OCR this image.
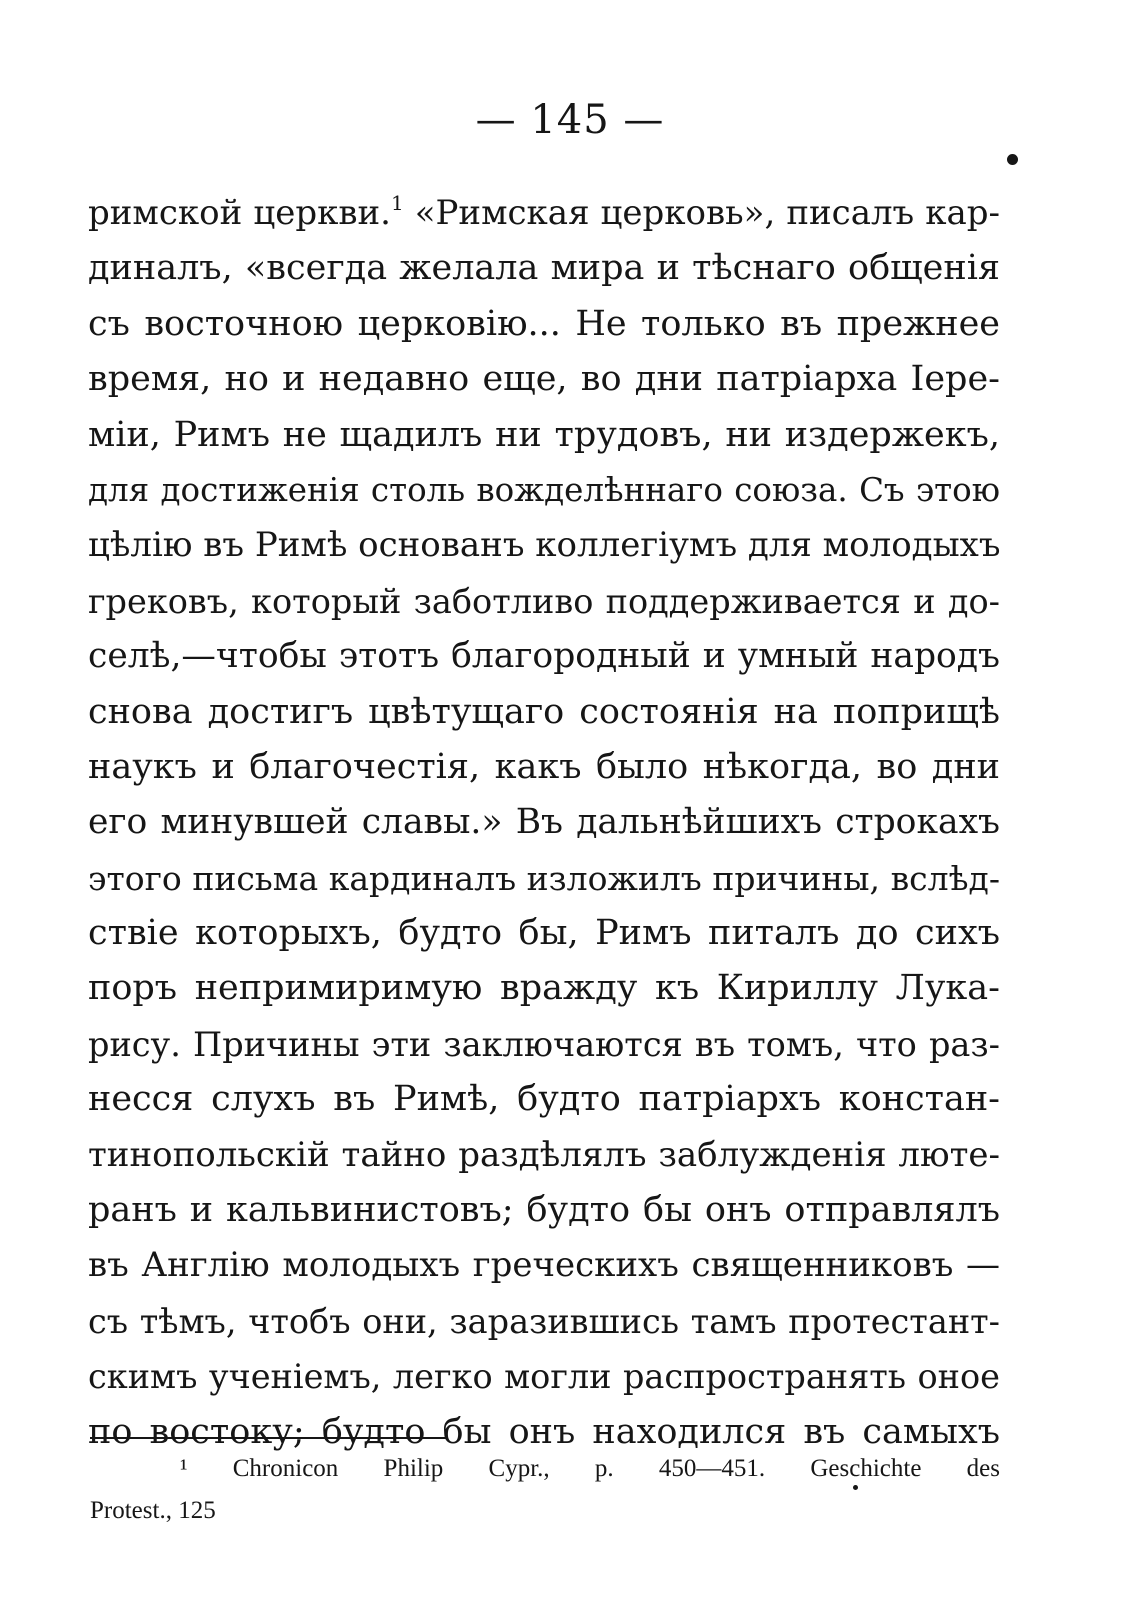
— 145 —
римской церкви.$^1$ «Римская церковь», писалъ кар-
диналъ, «всегда желала мира и тѣснаго общенія
съ восточною церковію... Не только въ прежнее
время, но и недавно еще, во дни патріарха Іере-
міи, Римъ не щадилъ ни трудовъ, ни издержекъ,
для достиженія столь вожделѣннаго союза. Съ этою
цѣлію въ Римѣ основанъ коллегіумъ для молодыхъ
грековъ, который заботливо поддерживается и до-
селѣ,—чтобы этотъ благородный и умный народъ
снова достигъ цвѣтущаго состоянія на поприщѣ
наукъ и благочестія, какъ было нѣкогда, во дни
его минувшей славы.» Въ дальнѣйшихъ строкахъ
этого письма кардиналъ изложилъ причины, вслѣд-
ствіе которыхъ, будто бы, Римъ питалъ до сихъ
поръ непримиримую вражду къ Кириллу Лука-
рису. Причины эти заключаются въ томъ, что раз-
несся слухъ въ Римѣ, будто патріархъ констан-
тинопольскій тайно раздѣлялъ заблужденія люте-
ранъ и кальвинистовъ; будто бы онъ отправлялъ
въ Англію молодыхъ греческихъ священниковъ —
съ тѣмъ, чтобъ они, заразившись тамъ протестант-
скимъ ученіемъ, легко могли распространять оное
по востоку; будто бы онъ находился въ самыхъ
¹ Chronicon Philip Cypr., p. 450—451. Geschichte des
Protest., 125
